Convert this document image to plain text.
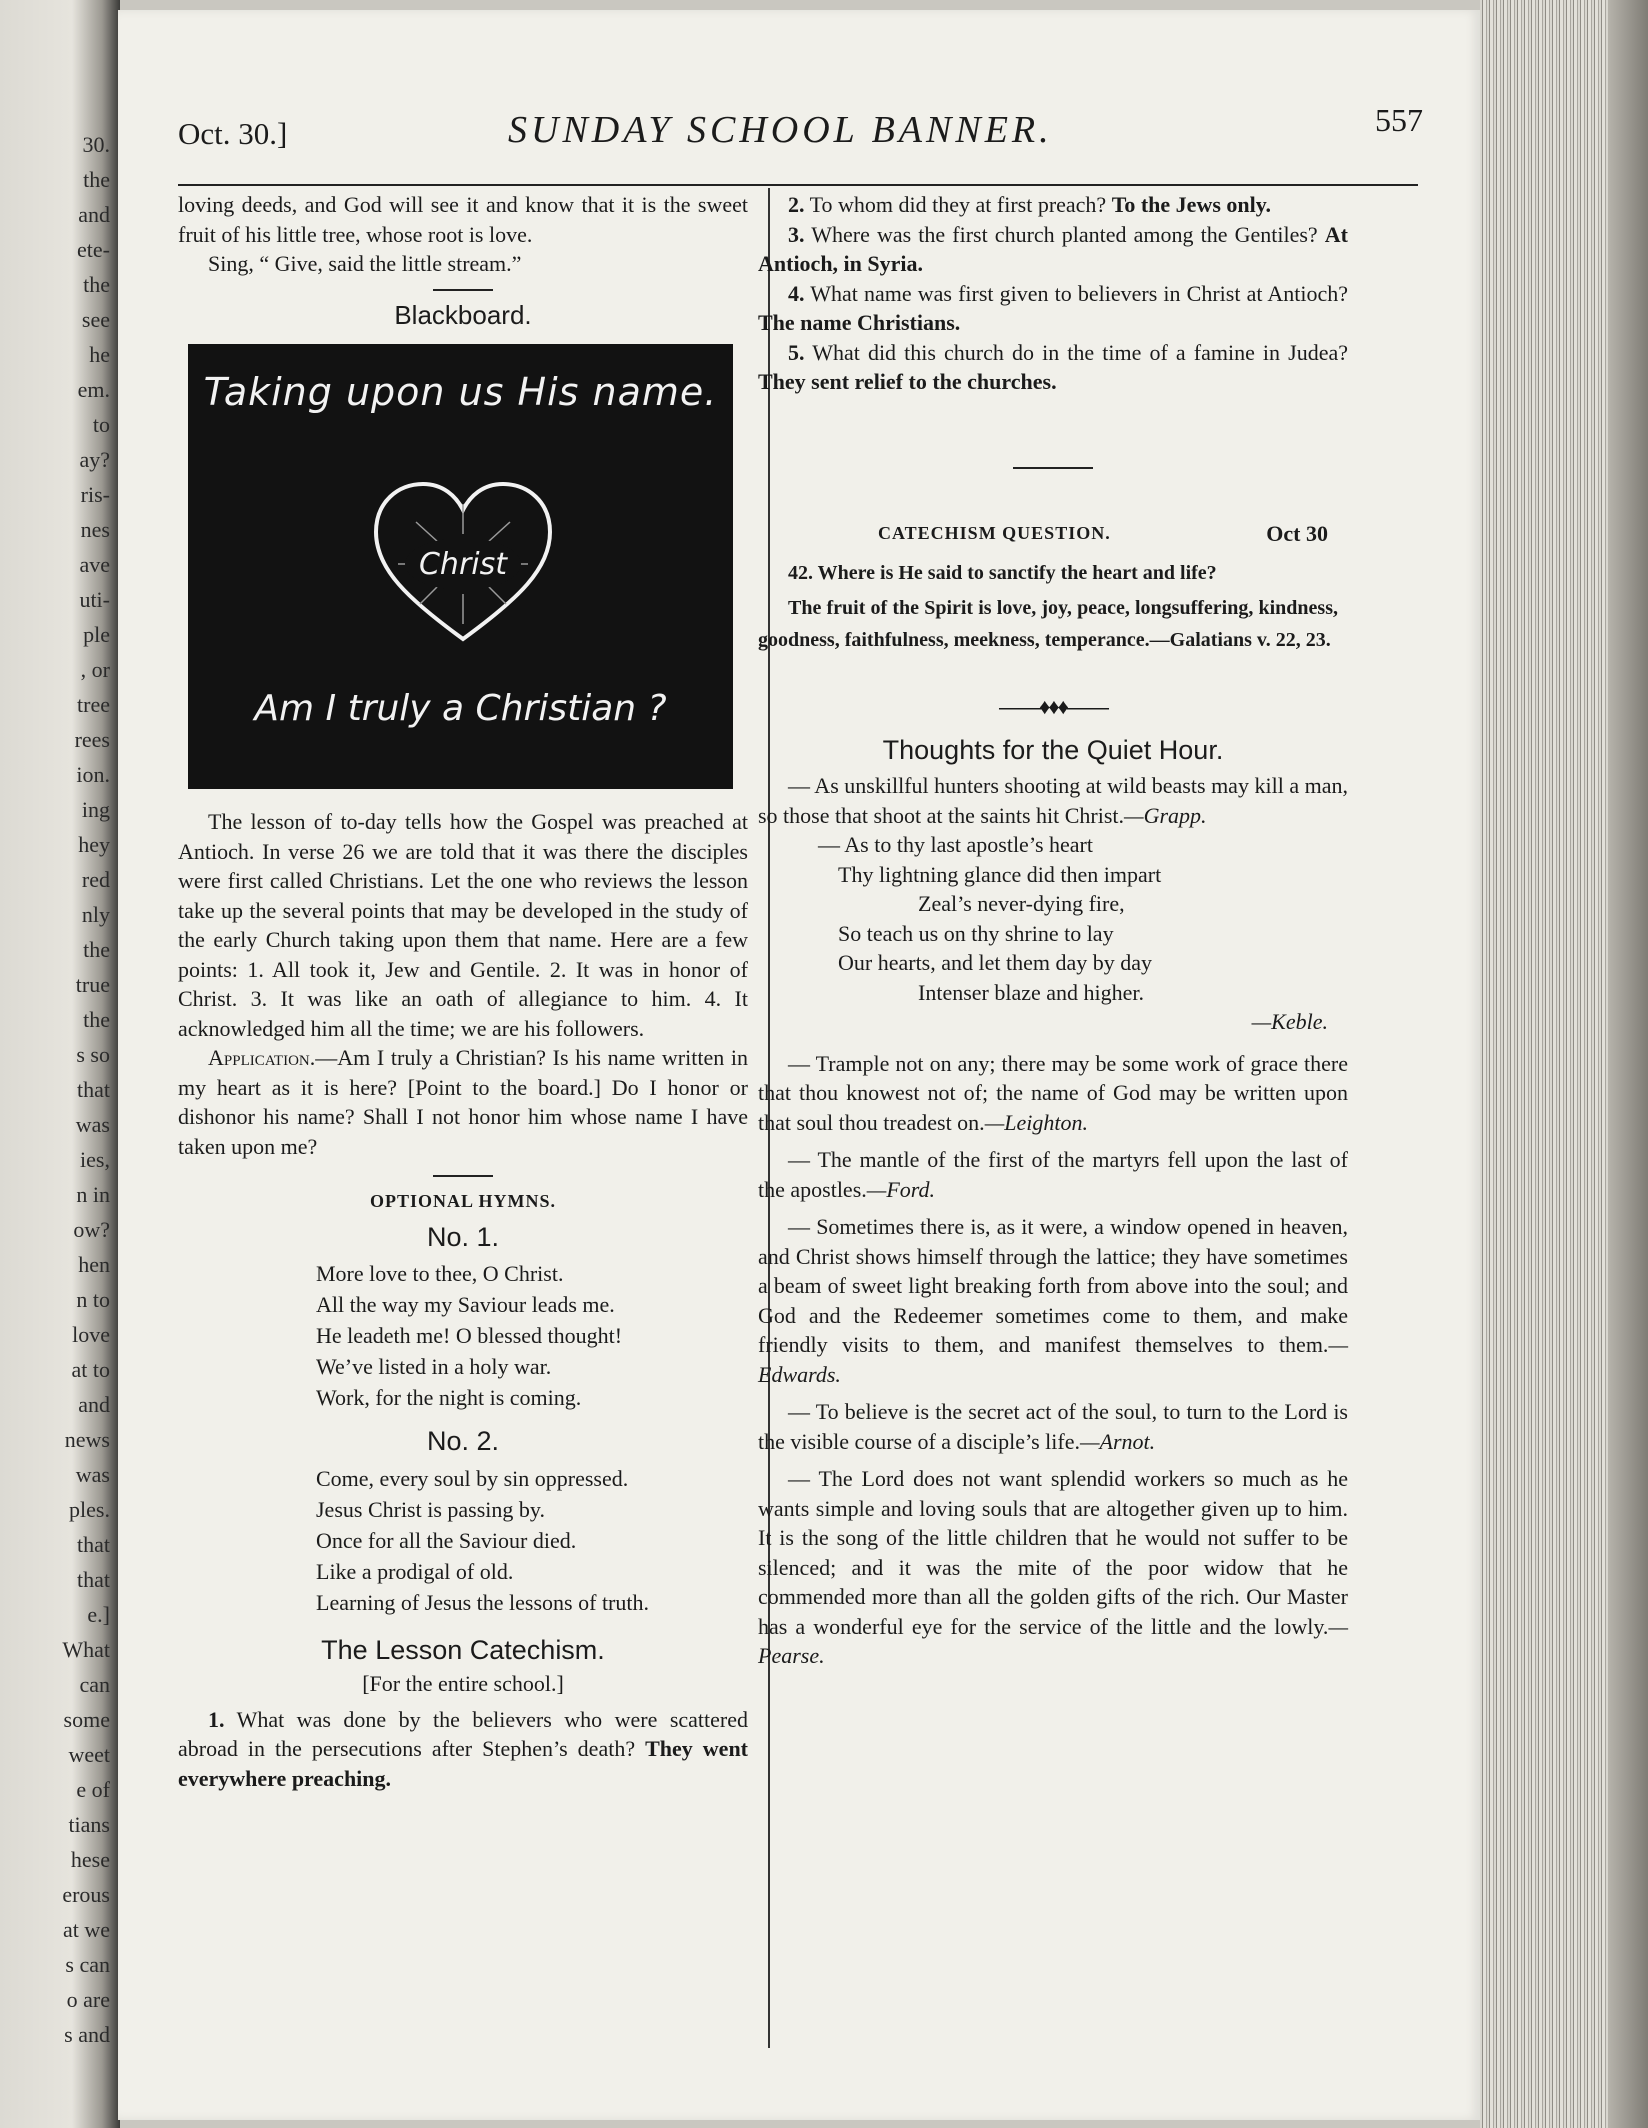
30.
the
and
ete-
the
see
he
em.
to
ay?
ris-
nes
ave
uti-
ple
, or
tree
rees
ion.
ing
hey
red
nly
the
true
the
s so
that
was
ies,
n in
ow?
hen
n to
love
at to
and
news
was
ples.
that
that
e.]
What
can
some
weet
e of
tians
hese
erous
at we
s can
o are
s and
Oct. 30.]	SUNDAY SCHOOL BANNER.	557

loving deeds, and God will see it and know that it is the sweet fruit of his little tree, whose root is love.

Sing, “ Give, said the little stream.”

Blackboard.

Taking upon us His name.
Christ
Am I truly a Christian ?

The lesson of to-day tells how the Gospel was preached at Antioch. In verse 26 we are told that it was there the disciples were first called Christians. Let the one who reviews the lesson take up the several points that may be developed in the study of the early Church taking upon them that name. Here are a few points: 1. All took it, Jew and Gentile. 2. It was in honor of Christ. 3. It was like an oath of allegiance to him. 4. It acknowledged him all the time; we are his followers.

Application.—Am I truly a Christian? Is his name written in my heart as it is here? [Point to the board.] Do I honor or dishonor his name? Shall I not honor him whose name I have taken upon me?

OPTIONAL HYMNS.

No. 1.

More love to thee, O Christ.
All the way my Saviour leads me.
He leadeth me! O blessed thought!
We’ve listed in a holy war.
Work, for the night is coming.

No. 2.

Come, every soul by sin oppressed.
Jesus Christ is passing by.
Once for all the Saviour died.
Like a prodigal of old.
Learning of Jesus the lessons of truth.

The Lesson Catechism.

[For the entire school.]

1. What was done by the believers who were scattered abroad in the persecutions after Stephen’s death? They went everywhere preaching.

2. To whom did they at first preach? To the Jews only.

3. Where was the first church planted among the Gentiles? At Antioch, in Syria.

4. What name was first given to believers in Christ at Antioch? The name Christians.

5. What did this church do in the time of a famine in Judea? They sent relief to the churches.

CATECHISM QUESTION.	Oct 30

42. Where is He said to sanctify the heart and life?

The fruit of the Spirit is love, joy, peace, longsuffering, kindness, goodness, faithfulness, meekness, temperance.—Galatians v. 22, 23.

——♦♦♦——

Thoughts for the Quiet Hour.

— As unskillful hunters shooting at wild beasts may kill a man, so those that shoot at the saints hit Christ.—Grapp.

— As to thy last apostle’s heart
Thy lightning glance did then impart
Zeal’s never-dying fire,
So teach us on thy shrine to lay
Our hearts, and let them day by day
Intenser blaze and higher.

—Keble.

— Trample not on any; there may be some work of grace there that thou knowest not of; the name of God may be written upon that soul thou treadest on.—Leighton.

— The mantle of the first of the martyrs fell upon the last of the apostles.—Ford.

— Sometimes there is, as it were, a window opened in heaven, and Christ shows himself through the lattice; they have sometimes a beam of sweet light breaking forth from above into the soul; and God and the Redeemer sometimes come to them, and make friendly visits to them, and manifest themselves to them.—Edwards.

— To believe is the secret act of the soul, to turn to the Lord is the visible course of a disciple’s life.—Arnot.

— The Lord does not want splendid workers so much as he wants simple and loving souls that are altogether given up to him. It is the song of the little children that he would not suffer to be silenced; and it was the mite of the poor widow that he commended more than all the golden gifts of the rich. Our Master has a wonderful eye for the service of the little and the lowly.—Pearse.
